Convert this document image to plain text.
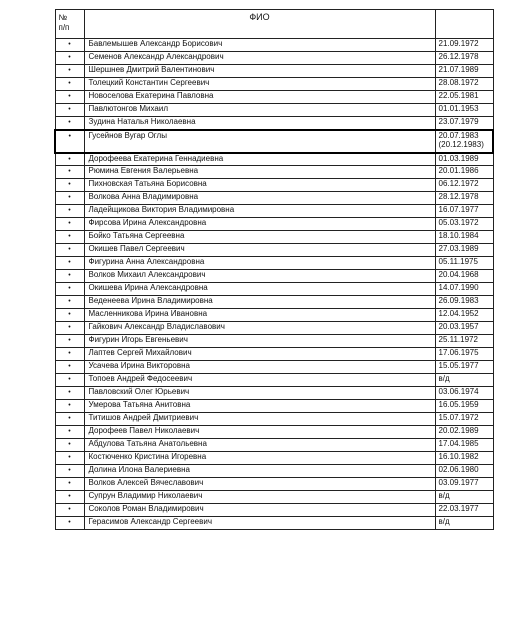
№
п/п	ФИО	
•	Бавлемышев Александр Борисович	21.09.1972

•	Семенов Александр Александрович	26.12.1978

•	Шершнев Дмитрий Валентинович	21.07.1989

•	Толецкий Константин Сергеевич	28.08.1972

•	Новоселова Екатерина Павловна	22.05.1981

•	Павлютонгов Михаил	01.01.1953

•	Зудина Наталья Николаевна	23.07.1979

•	Гусейнов Вугар Оглы	20.07.1983
(20.12.1983)

•	Дорофеева Екатерина Геннадиевна	01.03.1989

•	Рюмина Евгения Валерьевна	20.01.1986

•	Пихновская Татьяна Борисовна	06.12.1972

•	Волкова Анна Владимировна	28.12.1978

•	Ладейщикова Виктория Владимировна	16.07.1977

•	Фирсова Ирина Александровна	05.03.1972

•	Бойко Татьяна Сергеевна	18.10.1984

•	Окишев Павел Сергеевич	27.03.1989

•	Фигурина Анна Александровна	05.11.1975

•	Волков Михаил Александрович	20.04.1968

•	Окишева Ирина Александровна	14.07.1990

•	Веденеева Ирина Владимировна	26.09.1983

•	Масленникова Ирина Ивановна	12.04.1952

•	Гайкович Александр Владиславович	20.03.1957

•	Фигурин Игорь Евгеньевич	25.11.1972

•	Лаптев Сергей Михайлович	17.06.1975

•	Усачева Ирина Викторовна	15.05.1977

•	Топоев Андрей Федосеевич	в/д

•	Павловский Олег Юрьевич	03.06.1974

•	Умерова Татьяна Анитовна	16.05.1959

•	Титишов Андрей Дмитриевич	15.07.1972

•	Дорофеев Павел Николаевич	20.02.1989

•	Абдулова Татьяна Анатольевна	17.04.1985

•	Костюченко Кристина Игоревна	16.10.1982

•	Долина Илона Валериевна	02.06.1980

•	Волков Алексей Вячеславович	03.09.1977

•	Супрун Владимир Николаевич	в/д

•	Соколов Роман Владимирович	22.03.1977

•	Герасимов Александр Сергеевич	в/д
